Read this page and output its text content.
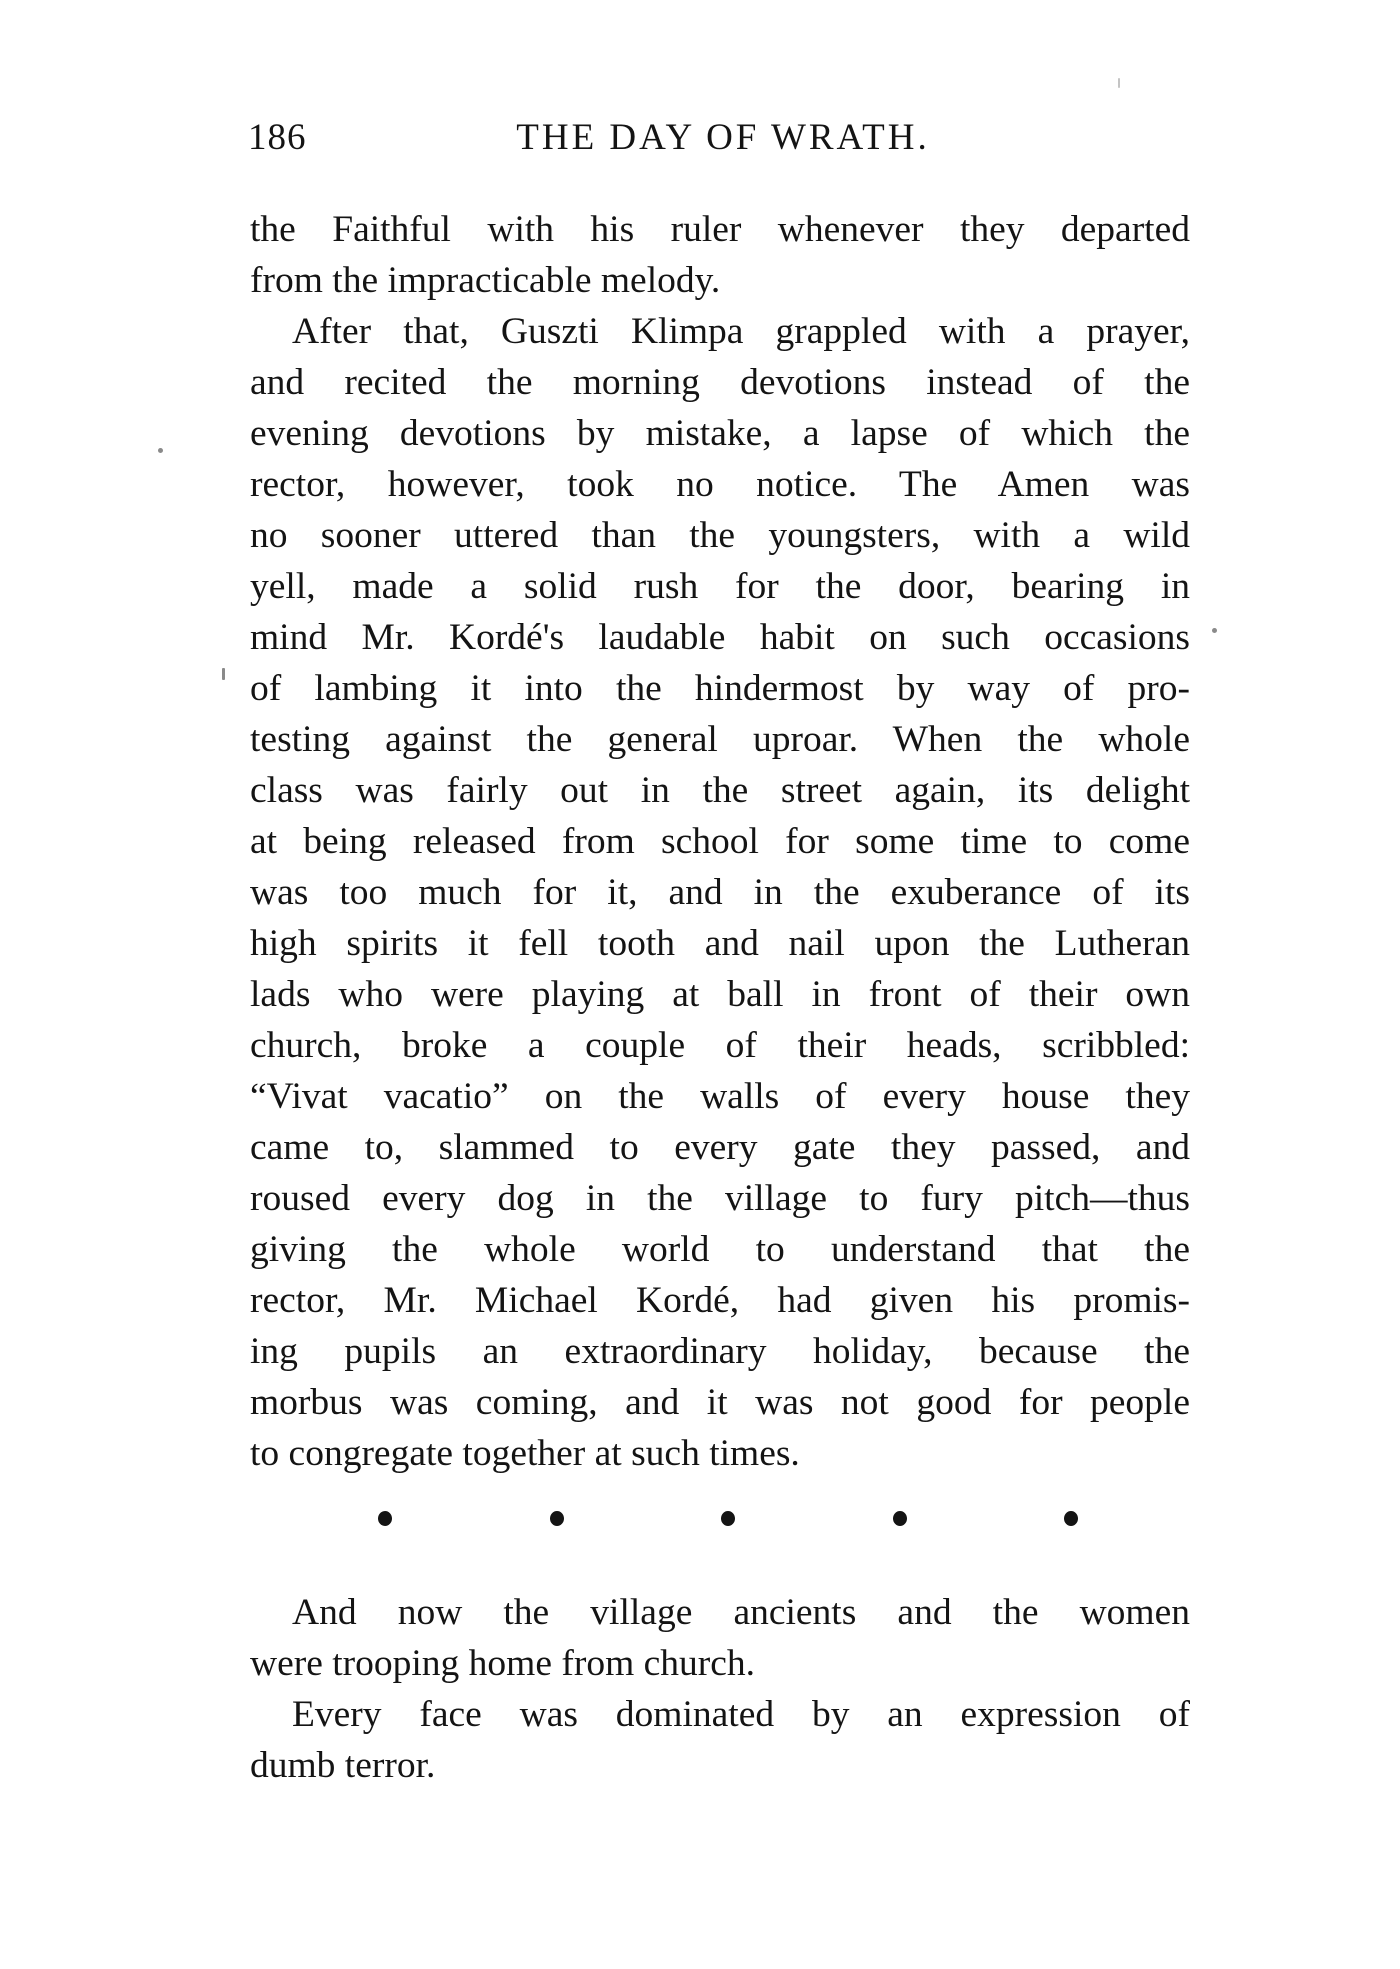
186	THE DAY OF WRATH.
the Faithful with his ruler whenever they departed
from the impracticable melody.
After that, Guszti Klimpa grappled with a prayer,
and recited the morning devotions instead of the
evening devotions by mistake, a lapse of which the
rector, however, took no notice. The Amen was
no sooner uttered than the youngsters, with a wild
yell, made a solid rush for the door, bearing in
mind Mr. Kordé's laudable habit on such occasions
of lambing it into the hindermost by way of pro-
testing against the general uproar. When the whole
class was fairly out in the street again, its delight
at being released from school for some time to come
was too much for it, and in the exuberance of its
high spirits it fell tooth and nail upon the Lutheran
lads who were playing at ball in front of their own
church, broke a couple of their heads, scribbled:
“Vivat vacatio” on the walls of every house they
came to, slammed to every gate they passed, and
roused every dog in the village to fury pitch—thus
giving the whole world to understand that the
rector, Mr. Michael Kordé, had given his promis-
ing pupils an extraordinary holiday, because the
morbus was coming, and it was not good for people
to congregate together at such times.
And now the village ancients and the women
were trooping home from church.
Every face was dominated by an expression of
dumb terror.
